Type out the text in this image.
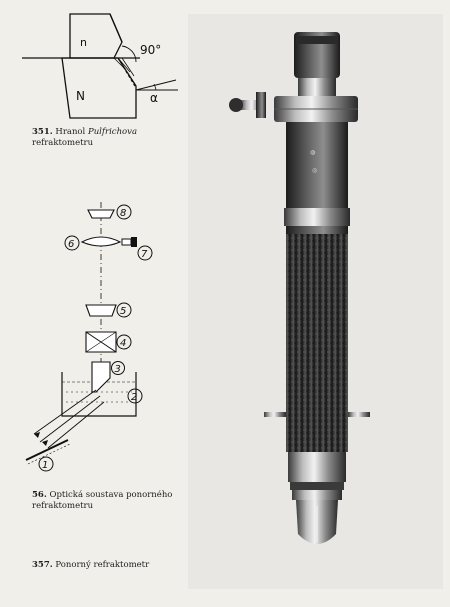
n
N
90°
α
351. Hranol Pulfrichova
refraktometru
8
6
7
5
4
3
2
1
56. Optická soustava ponorného
refraktometru
357. Ponorný refraktometr
◍
◎
